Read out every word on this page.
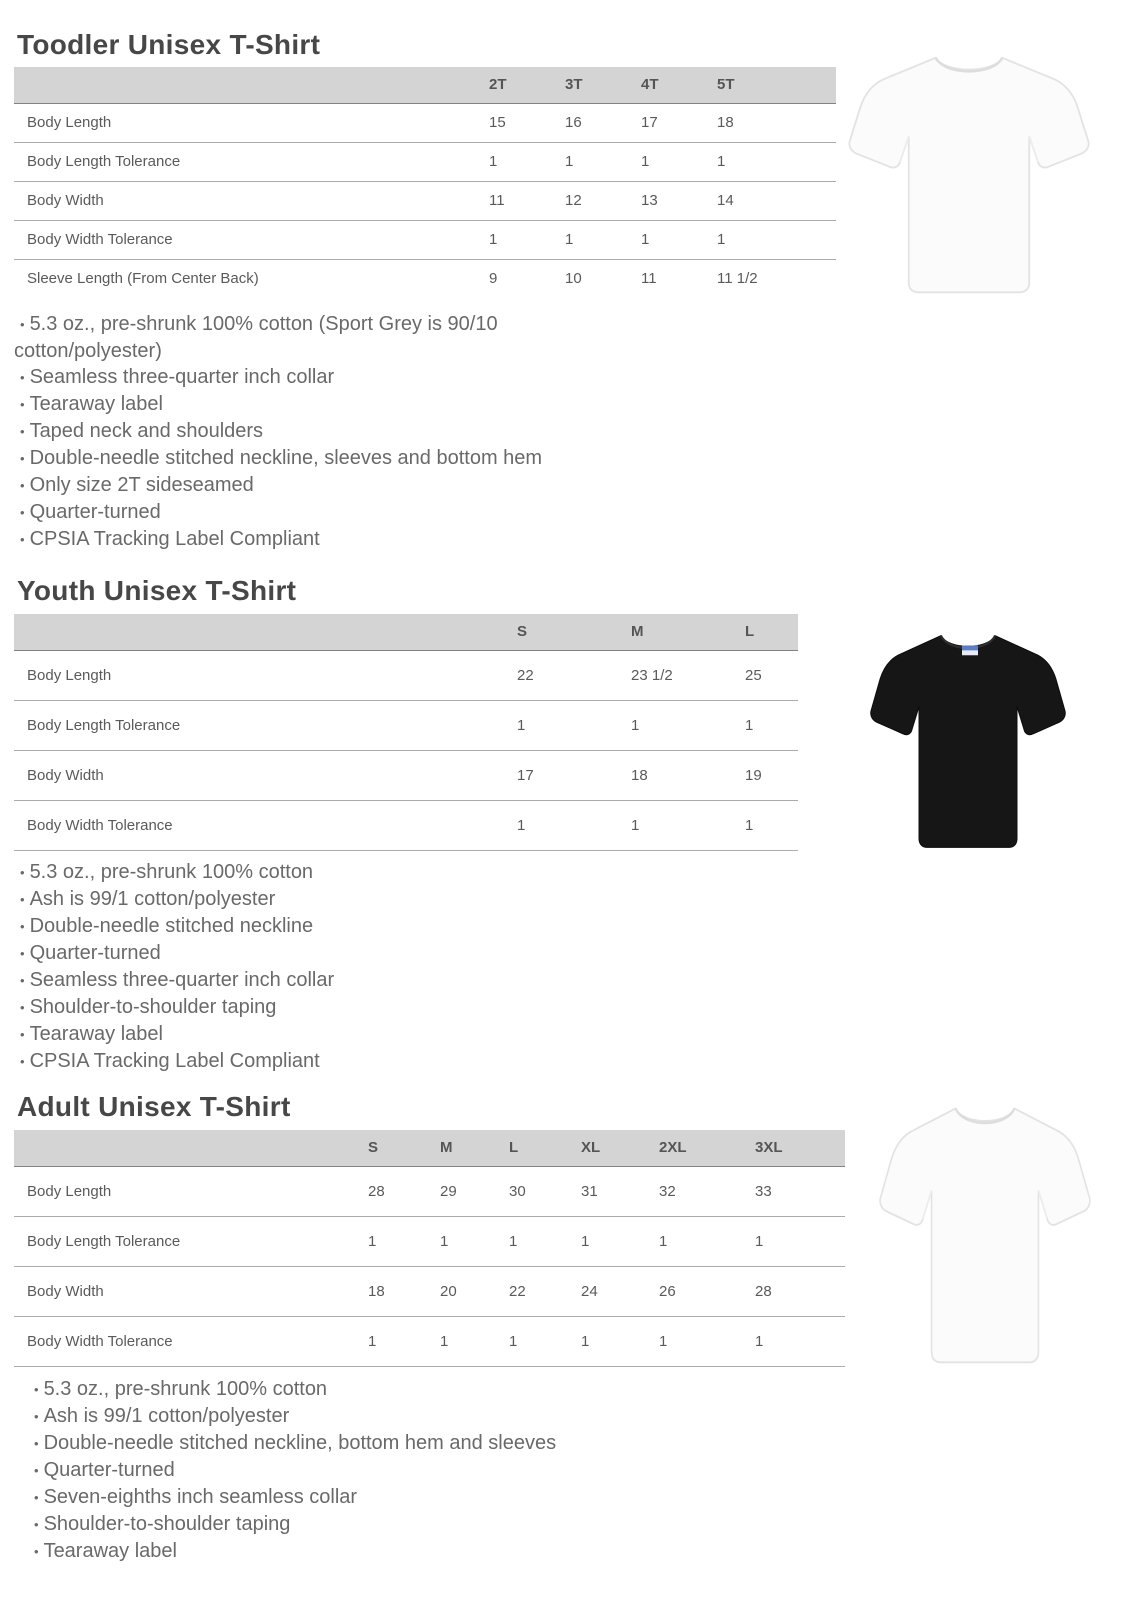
Toodler Unisex T-Shirt
	2T	3T	4T	5T	
Body Length	15	16	17	18	
Body Length Tolerance	1	1	1	1	
Body Width	11	12	13	14	
Body Width Tolerance	1	1	1	1	
Sleeve Length (From Center Back)	9	10	11	11 1/2	
• 5.3 oz., pre-shrunk 100% cotton (Sport Grey is 90/10 cotton/polyester)
• Seamless three-quarter inch collar
• Tearaway label
• Taped neck and shoulders
• Double-needle stitched neckline, sleeves and bottom hem
• Only size 2T sideseamed
• Quarter-turned
• CPSIA Tracking Label Compliant
Youth Unisex T-Shirt
	S	M	L
Body Length	22	23 1/2	25
Body Length Tolerance	1	1	1
Body Width	17	18	19
Body Width Tolerance	1	1	1
• 5.3 oz., pre-shrunk 100% cotton
• Ash is 99/1 cotton/polyester
• Double-needle stitched neckline
• Quarter-turned
• Seamless three-quarter inch collar
• Shoulder-to-shoulder taping
• Tearaway label
• CPSIA Tracking Label Compliant
Adult Unisex T-Shirt
	S	M	L	XL	2XL	3XL
Body Length	28	29	30	31	32	33
Body Length Tolerance	1	1	1	1	1	1
Body Width	18	20	22	24	26	28
Body Width Tolerance	1	1	1	1	1	1
• 5.3 oz., pre-shrunk 100% cotton
• Ash is 99/1 cotton/polyester
• Double-needle stitched neckline, bottom hem and sleeves
• Quarter-turned
• Seven-eighths inch seamless collar
• Shoulder-to-shoulder taping
• Tearaway label
